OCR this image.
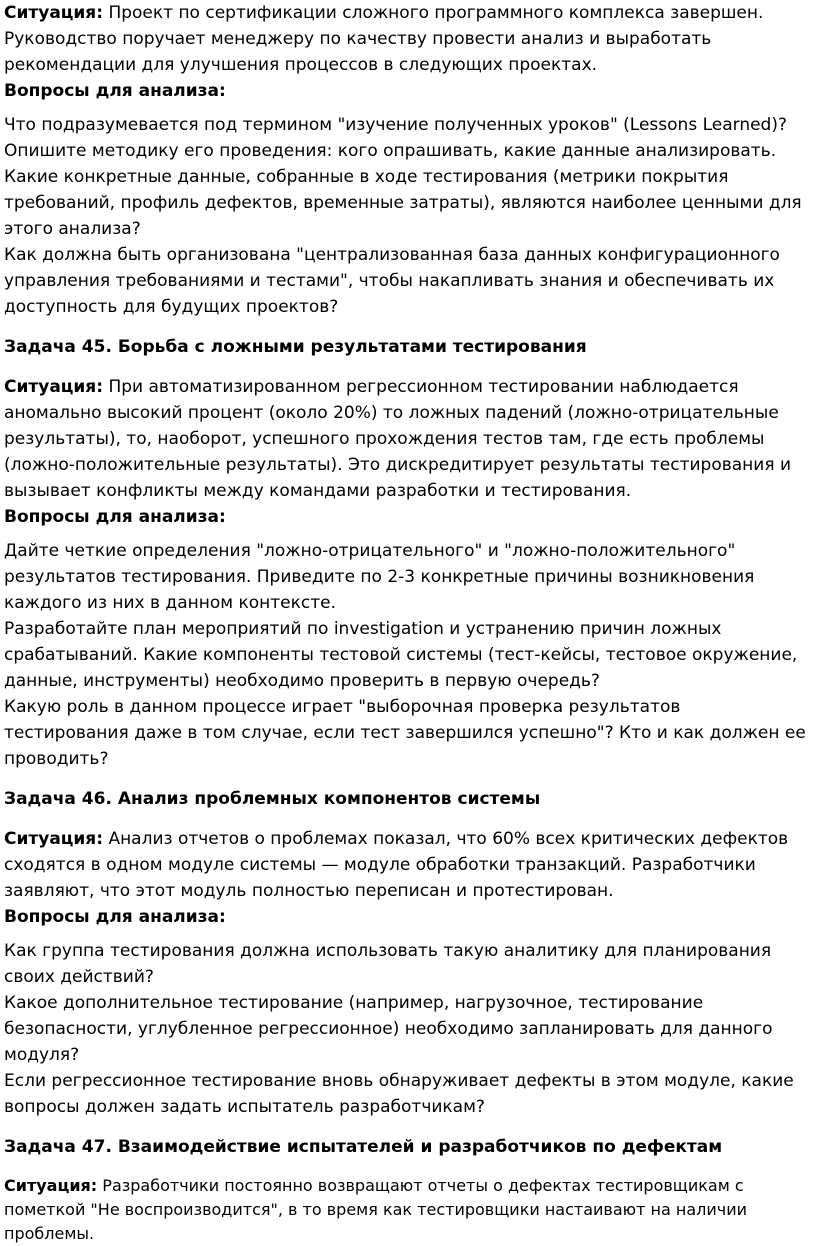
Ситуация: Проект по сертификации сложного программного комплекса завершен. Руководство поручает менеджеру по качеству провести анализ и выработать рекомендации для улучшения процессов в следующих проектах.

Вопросы для анализа:

Что подразумевается под термином "изучение полученных уроков" (Lessons Learned)? Опишите методику его проведения: кого опрашивать, какие данные анализировать.

Какие конкретные данные, собранные в ходе тестирования (метрики покрытия требований, профиль дефектов, временные затраты), являются наиболее ценными для этого анализа?

Как должна быть организована "централизованная база данных конфигурационного управления требованиями и тестами", чтобы накапливать знания и обеспечивать их доступность для будущих проектов?

Задача 45. Борьба с ложными результатами тестирования

Ситуация: При автоматизированном регрессионном тестировании наблюдается аномально высокий процент (около 20%) то ложных падений (ложно-отрицательные результаты), то, наоборот, успешного прохождения тестов там, где есть проблемы (ложно-положительные результаты). Это дискредитирует результаты тестирования и вызывает конфликты между командами разработки и тестирования.

Вопросы для анализа:

Дайте четкие определения "ложно-отрицательного" и "ложно-положительного" результатов тестирования. Приведите по 2-3 конкретные причины возникновения каждого из них в данном контексте.

Разработайте план мероприятий по investigation и устранению причин ложных срабатываний. Какие компоненты тестовой системы (тест-кейсы, тестовое окружение, данные, инструменты) необходимо проверить в первую очередь?

Какую роль в данном процессе играет "выборочная проверка результатов тестирования даже в том случае, если тест завершился успешно"? Кто и как должен ее проводить?

Задача 46. Анализ проблемных компонентов системы

Ситуация: Анализ отчетов о проблемах показал, что 60% всех критических дефектов сходятся в одном модуле системы — модуле обработки транзакций. Разработчики заявляют, что этот модуль полностью переписан и протестирован.

Вопросы для анализа:

Как группа тестирования должна использовать такую аналитику для планирования своих действий?

Какое дополнительное тестирование (например, нагрузочное, тестирование безопасности, углубленное регрессионное) необходимо запланировать для данного модуля?

Если регрессионное тестирование вновь обнаруживает дефекты в этом модуле, какие вопросы должен задать испытатель разработчикам?

Задача 47. Взаимодействие испытателей и разработчиков по дефектам

Ситуация: Разработчики постоянно возвращают отчеты о дефектах тестировщикам с пометкой "Не воспроизводится", в то время как тестировщики настаивают на наличии проблемы.
